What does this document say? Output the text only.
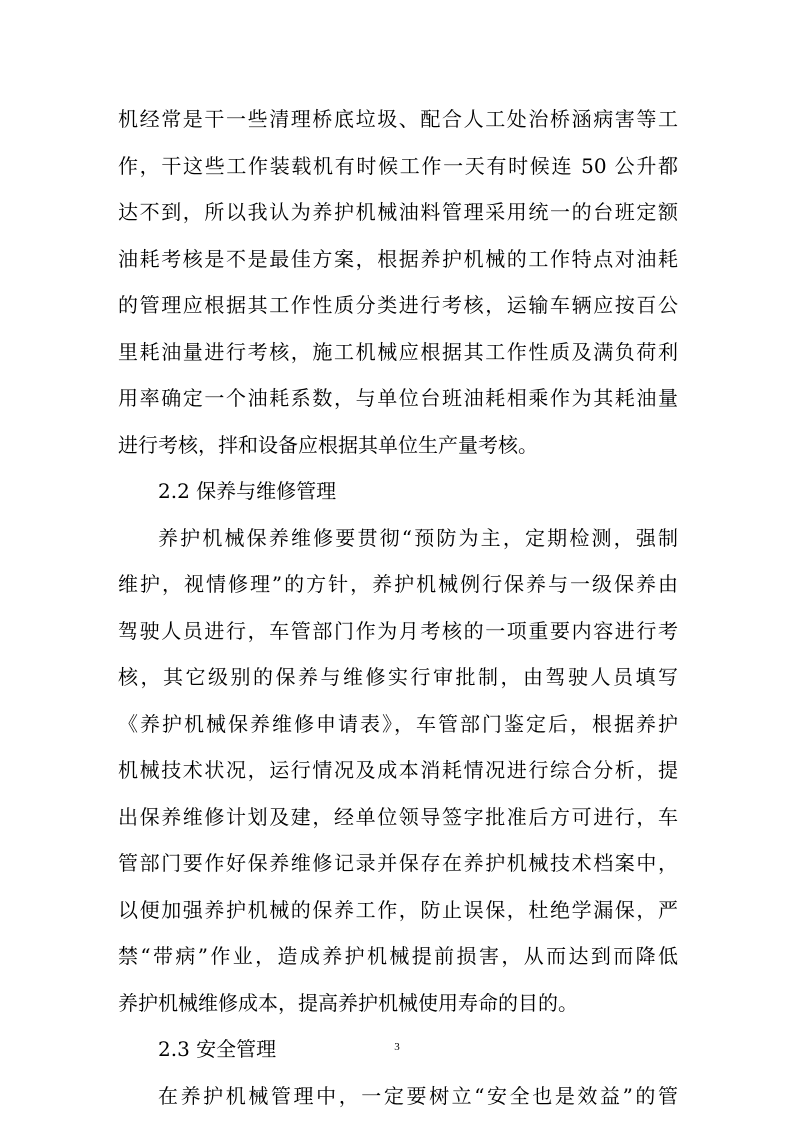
机经常是干一些清理桥底垃圾、配合人工处治桥涵病害等工
作，干这些工作装载机有时候工作一天有时候连 50 公升都
达不到，所以我认为养护机械油料管理采用统一的台班定额
油耗考核是不是最佳方案，根据养护机械的工作特点对油耗
的管理应根据其工作性质分类进行考核，运输车辆应按百公
里耗油量进行考核，施工机械应根据其工作性质及满负荷利
用率确定一个油耗系数，与单位台班油耗相乘作为其耗油量
进行考核，拌和设备应根据其单位生产量考核。
2.2 保养与维修管理
养护机械保养维修要贯彻“预防为主，定期检测，强制
维护，视情修理”的方针，养护机械例行保养与一级保养由
驾驶人员进行，车管部门作为月考核的一项重要内容进行考
核，其它级别的保养与维修实行审批制，由驾驶人员填写
《养护机械保养维修申请表》，车管部门鉴定后，根据养护
机械技术状况，运行情况及成本消耗情况进行综合分析，提
出保养维修计划及建，经单位领导签字批准后方可进行，车
管部门要作好保养维修记录并保存在养护机械技术档案中，
以便加强养护机械的保养工作，防止误保，杜绝学漏保，严
禁“带病”作业，造成养护机械提前损害，从而达到而降低
养护机械维修成本，提高养护机械使用寿命的目的。
2.3 安全管理
在养护机械管理中，一定要树立“安全也是效益”的管
3
